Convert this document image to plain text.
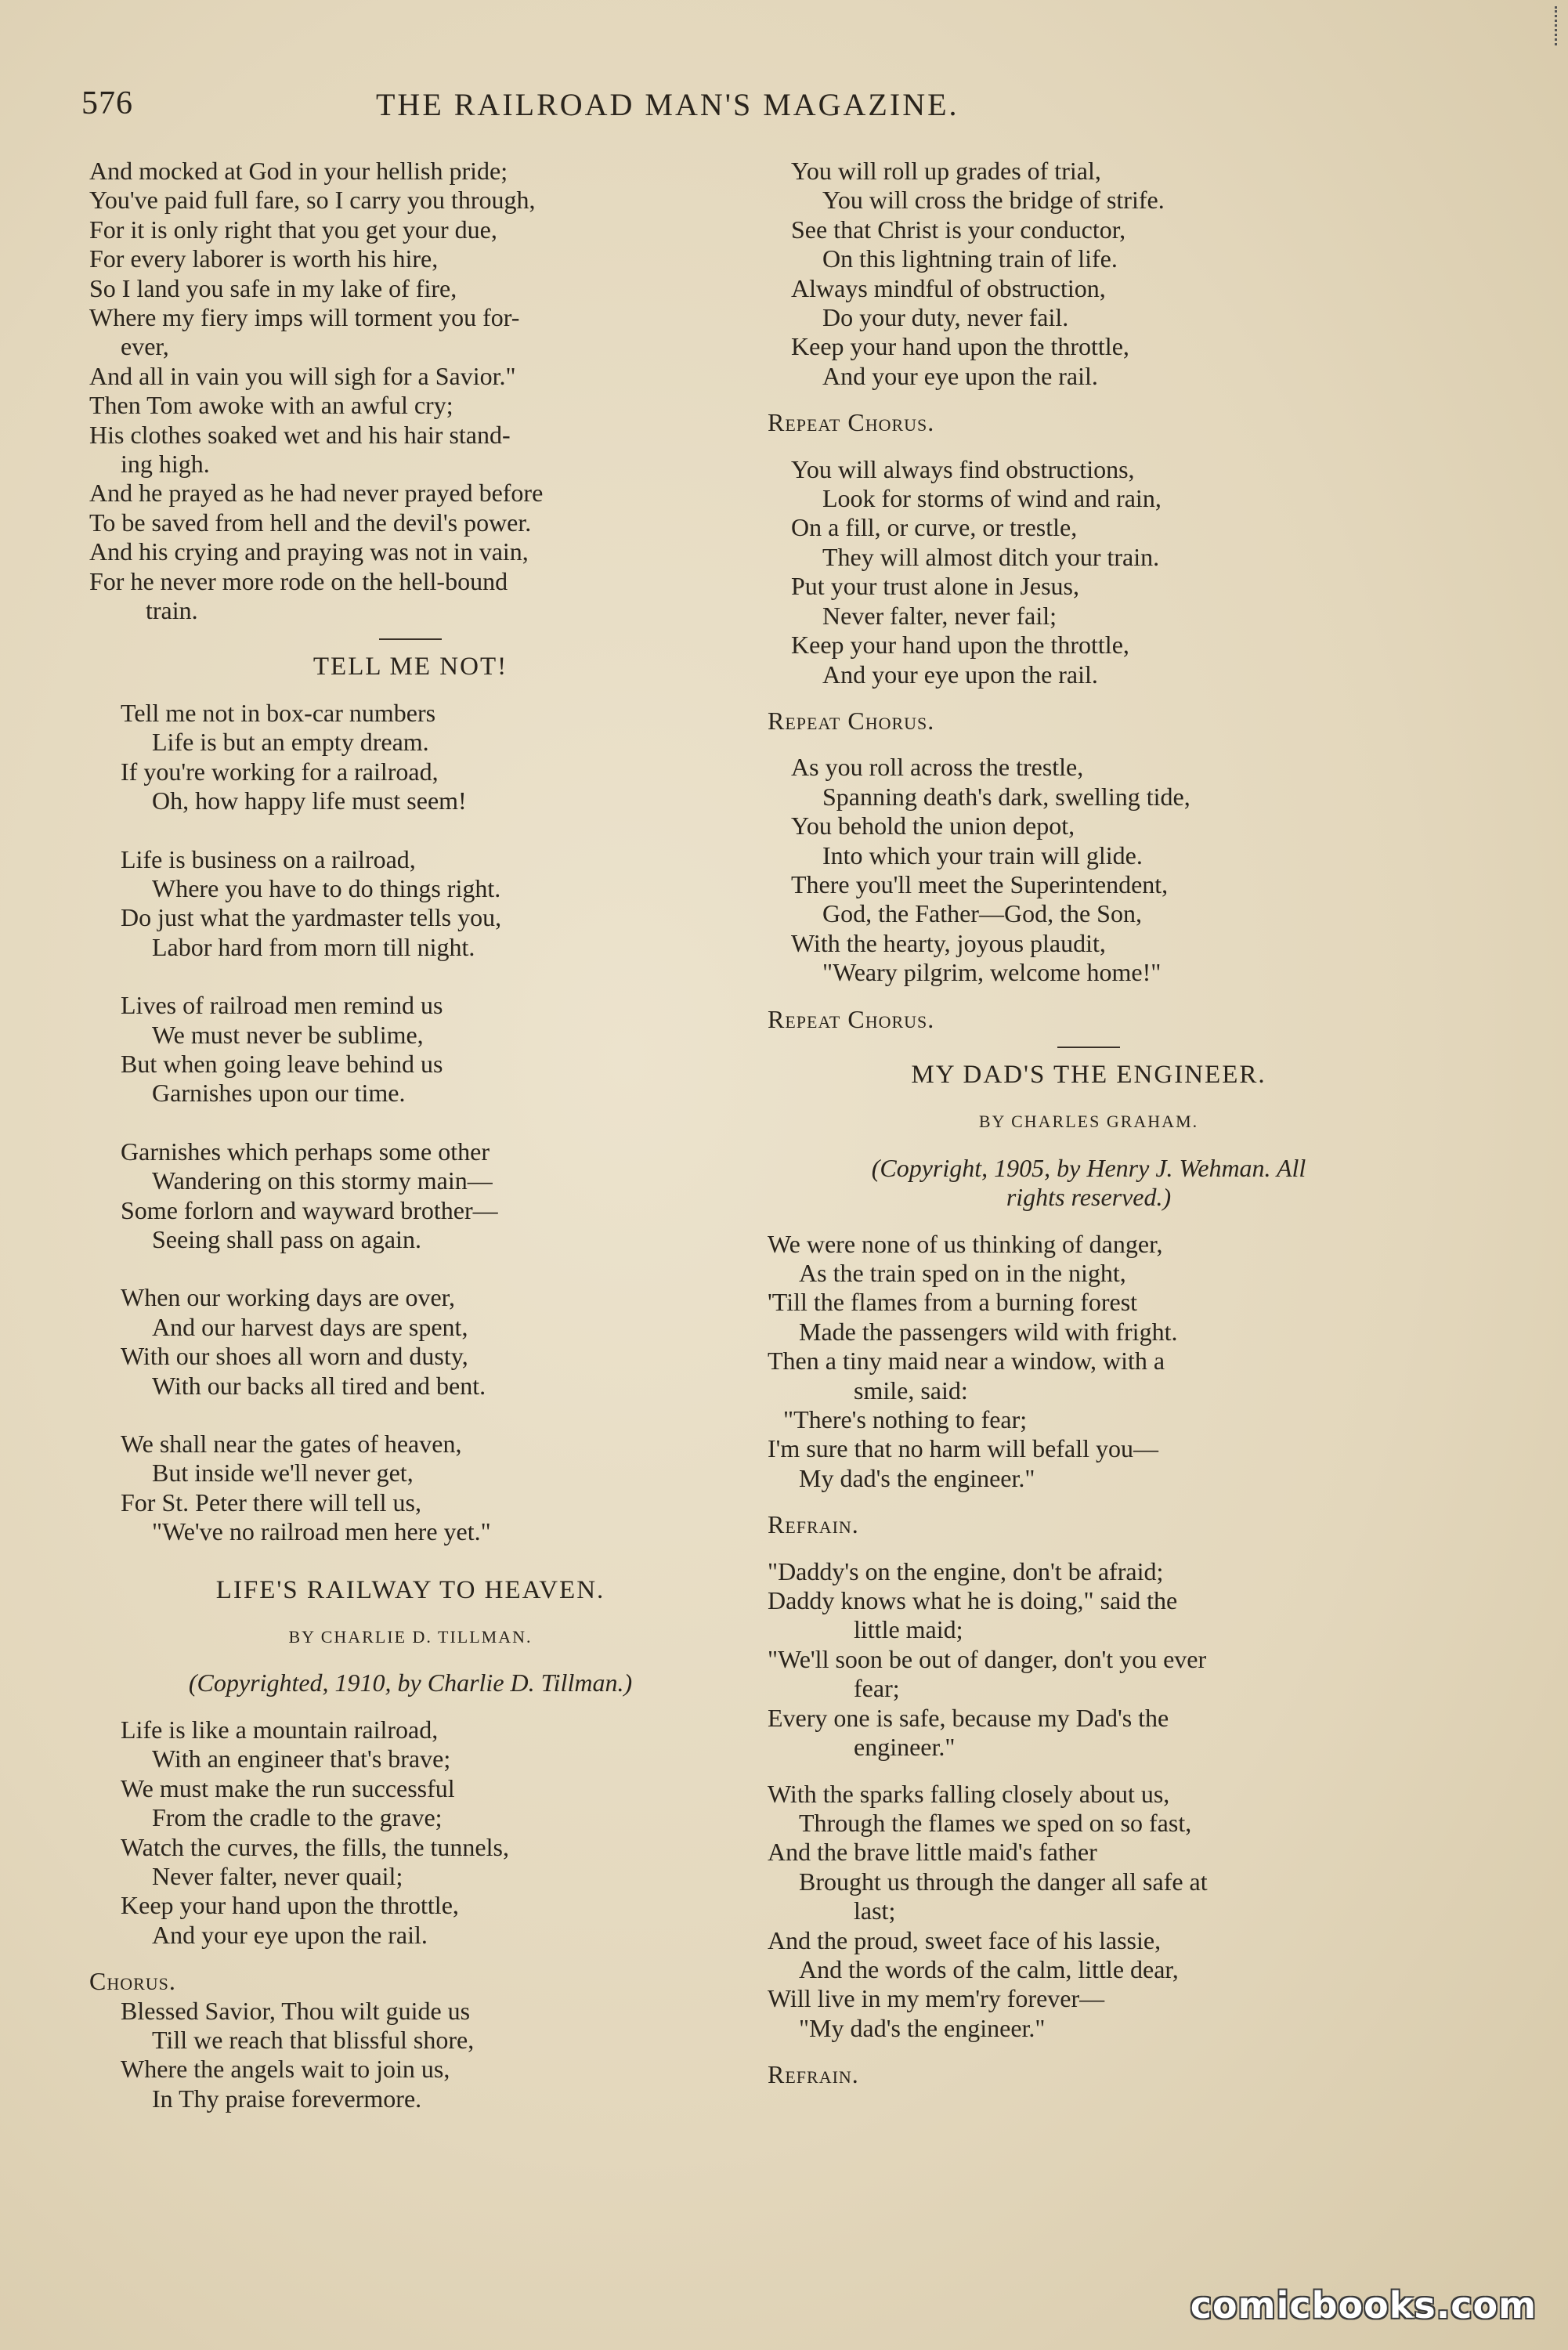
576	THE RAILROAD MAN'S MAGAZINE.
And mocked at God in your hellish pride;
You've paid full fare, so I carry you through,
For it is only right that you get your due,
For every laborer is worth his hire,
So I land you safe in my lake of fire,
Where my fiery imps will torment you for-
ever,
And all in vain you will sigh for a Savior."
Then Tom awoke with an awful cry;
His clothes soaked wet and his hair stand-
ing high.
And he prayed as he had never prayed before
To be saved from hell and the devil's power.
And his crying and praying was not in vain,
For he never more rode on the hell-bound
train.
TELL ME NOT!
Tell me not in box-car numbers
Life is but an empty dream.
If you're working for a railroad,
Oh, how happy life must seem!
Life is business on a railroad,
Where you have to do things right.
Do just what the yardmaster tells you,
Labor hard from morn till night.
Lives of railroad men remind us
We must never be sublime,
But when going leave behind us
Garnishes upon our time.
Garnishes which perhaps some other
Wandering on this stormy main—
Some forlorn and wayward brother—
Seeing shall pass on again.
When our working days are over,
And our harvest days are spent,
With our shoes all worn and dusty,
With our backs all tired and bent.
We shall near the gates of heaven,
But inside we'll never get,
For St. Peter there will tell us,
"We've no railroad men here yet."
LIFE'S RAILWAY TO HEAVEN.
BY CHARLIE D. TILLMAN.
(Copyrighted, 1910, by Charlie D. Tillman.)
Life is like a mountain railroad,
With an engineer that's brave;
We must make the run successful
From the cradle to the grave;
Watch the curves, the fills, the tunnels,
Never falter, never quail;
Keep your hand upon the throttle,
And your eye upon the rail.
Chorus.
Blessed Savior, Thou wilt guide us
Till we reach that blissful shore,
Where the angels wait to join us,
In Thy praise forevermore.
You will roll up grades of trial,
You will cross the bridge of strife.
See that Christ is your conductor,
On this lightning train of life.
Always mindful of obstruction,
Do your duty, never fail.
Keep your hand upon the throttle,
And your eye upon the rail.
Repeat Chorus.
You will always find obstructions,
Look for storms of wind and rain,
On a fill, or curve, or trestle,
They will almost ditch your train.
Put your trust alone in Jesus,
Never falter, never fail;
Keep your hand upon the throttle,
And your eye upon the rail.
Repeat Chorus.
As you roll across the trestle,
Spanning death's dark, swelling tide,
You behold the union depot,
Into which your train will glide.
There you'll meet the Superintendent,
God, the Father—God, the Son,
With the hearty, joyous plaudit,
"Weary pilgrim, welcome home!"
Repeat Chorus.
MY DAD'S THE ENGINEER.
BY CHARLES GRAHAM.
(Copyright, 1905, by Henry J. Wehman. All
rights reserved.)
We were none of us thinking of danger,
As the train sped on in the night,
'Till the flames from a burning forest
Made the passengers wild with fright.
Then a tiny maid near a window, with a
smile, said:
"There's nothing to fear;
I'm sure that no harm will befall you—
My dad's the engineer."
Refrain.
"Daddy's on the engine, don't be afraid;
Daddy knows what he is doing," said the
little maid;
"We'll soon be out of danger, don't you ever
fear;
Every one is safe, because my Dad's the
engineer."
With the sparks falling closely about us,
Through the flames we sped on so fast,
And the brave little maid's father
Brought us through the danger all safe at
last;
And the proud, sweet face of his lassie,
And the words of the calm, little dear,
Will live in my mem'ry forever—
"My dad's the engineer."
Refrain.
comicbooks.com
